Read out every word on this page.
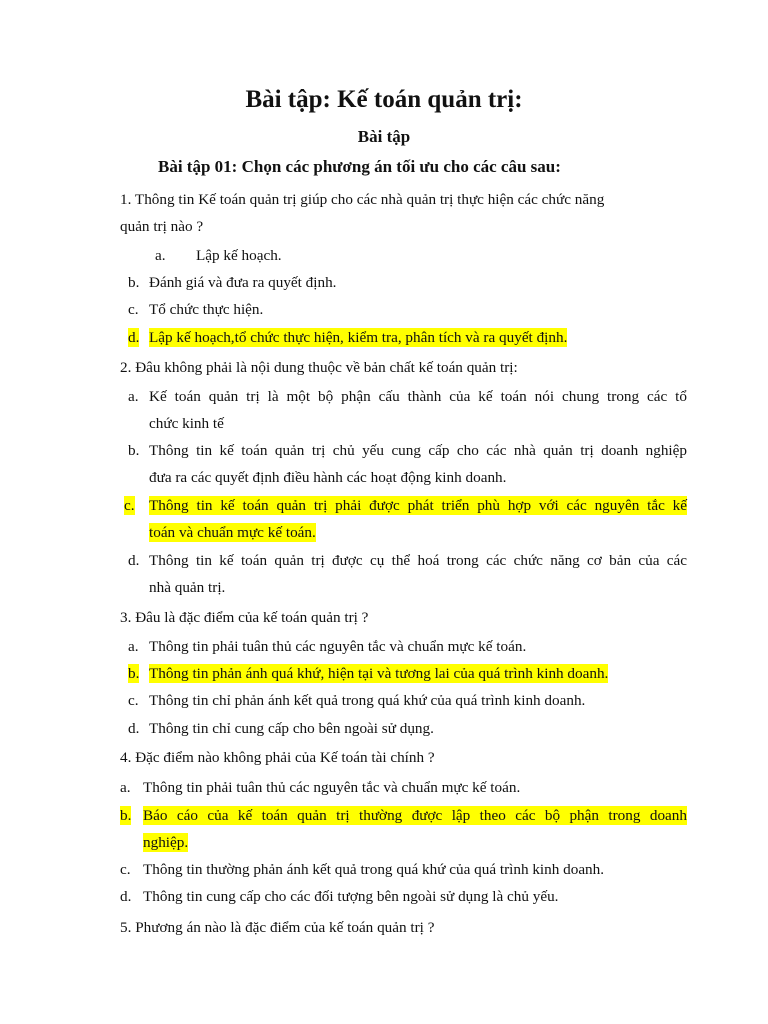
Bài tập: Kế toán quản trị:
Bài tập
Bài tập 01: Chọn các phương án tối ưu cho các câu sau:
1. Thông tin Kế toán quản trị giúp cho các nhà quản trị thực hiện các chức năng
quản trị nào ?
a. Lập kế hoạch.
b. Đánh giá và đưa ra quyết định.
c. Tổ chức thực hiện.
d. Lập kế hoạch,tổ chức thực hiện, kiểm tra, phân tích và ra quyết định.
2. Đâu không phải là nội dung thuộc về bản chất kế toán quản trị:
a. Kế toán quản trị là một bộ phận cấu thành của kế toán nói chung trong các tổ
chức kinh tế
b. Thông tin kế toán quản trị chủ yếu cung cấp cho các nhà quản trị doanh nghiệp
đưa ra các quyết định điều hành các hoạt động kinh doanh.
c. Thông tin kế toán quản trị phải được phát triển phù hợp với các nguyên tắc kế
toán và chuẩn mực kế toán.
d. Thông tin kế toán quản trị được cụ thể hoá trong các chức năng cơ bản của các
nhà quản trị.
3. Đâu là đặc điểm của kế toán quản trị ?
a. Thông tin phải tuân thủ các nguyên tắc và chuẩn mực kế toán.
b. Thông tin phản ánh quá khứ, hiện tại và tương lai của quá trình kinh doanh.
c. Thông tin chỉ phản ánh kết quả trong quá khứ của quá trình kinh doanh.
d. Thông tin chỉ cung cấp cho bên ngoài sử dụng.
4. Đặc điểm nào không phải của Kế toán tài chính ?
a. Thông tin phải tuân thủ các nguyên tắc và chuẩn mực kế toán.
b. Báo cáo của kế toán quản trị thường được lập theo các bộ phận trong doanh
nghiệp.
c. Thông tin thường phản ánh kết quả trong quá khứ của quá trình kinh doanh.
d. Thông tin cung cấp cho các đối tượng bên ngoài sử dụng là chủ yếu.
5. Phương án nào là đặc điểm của kế toán quản trị ?
